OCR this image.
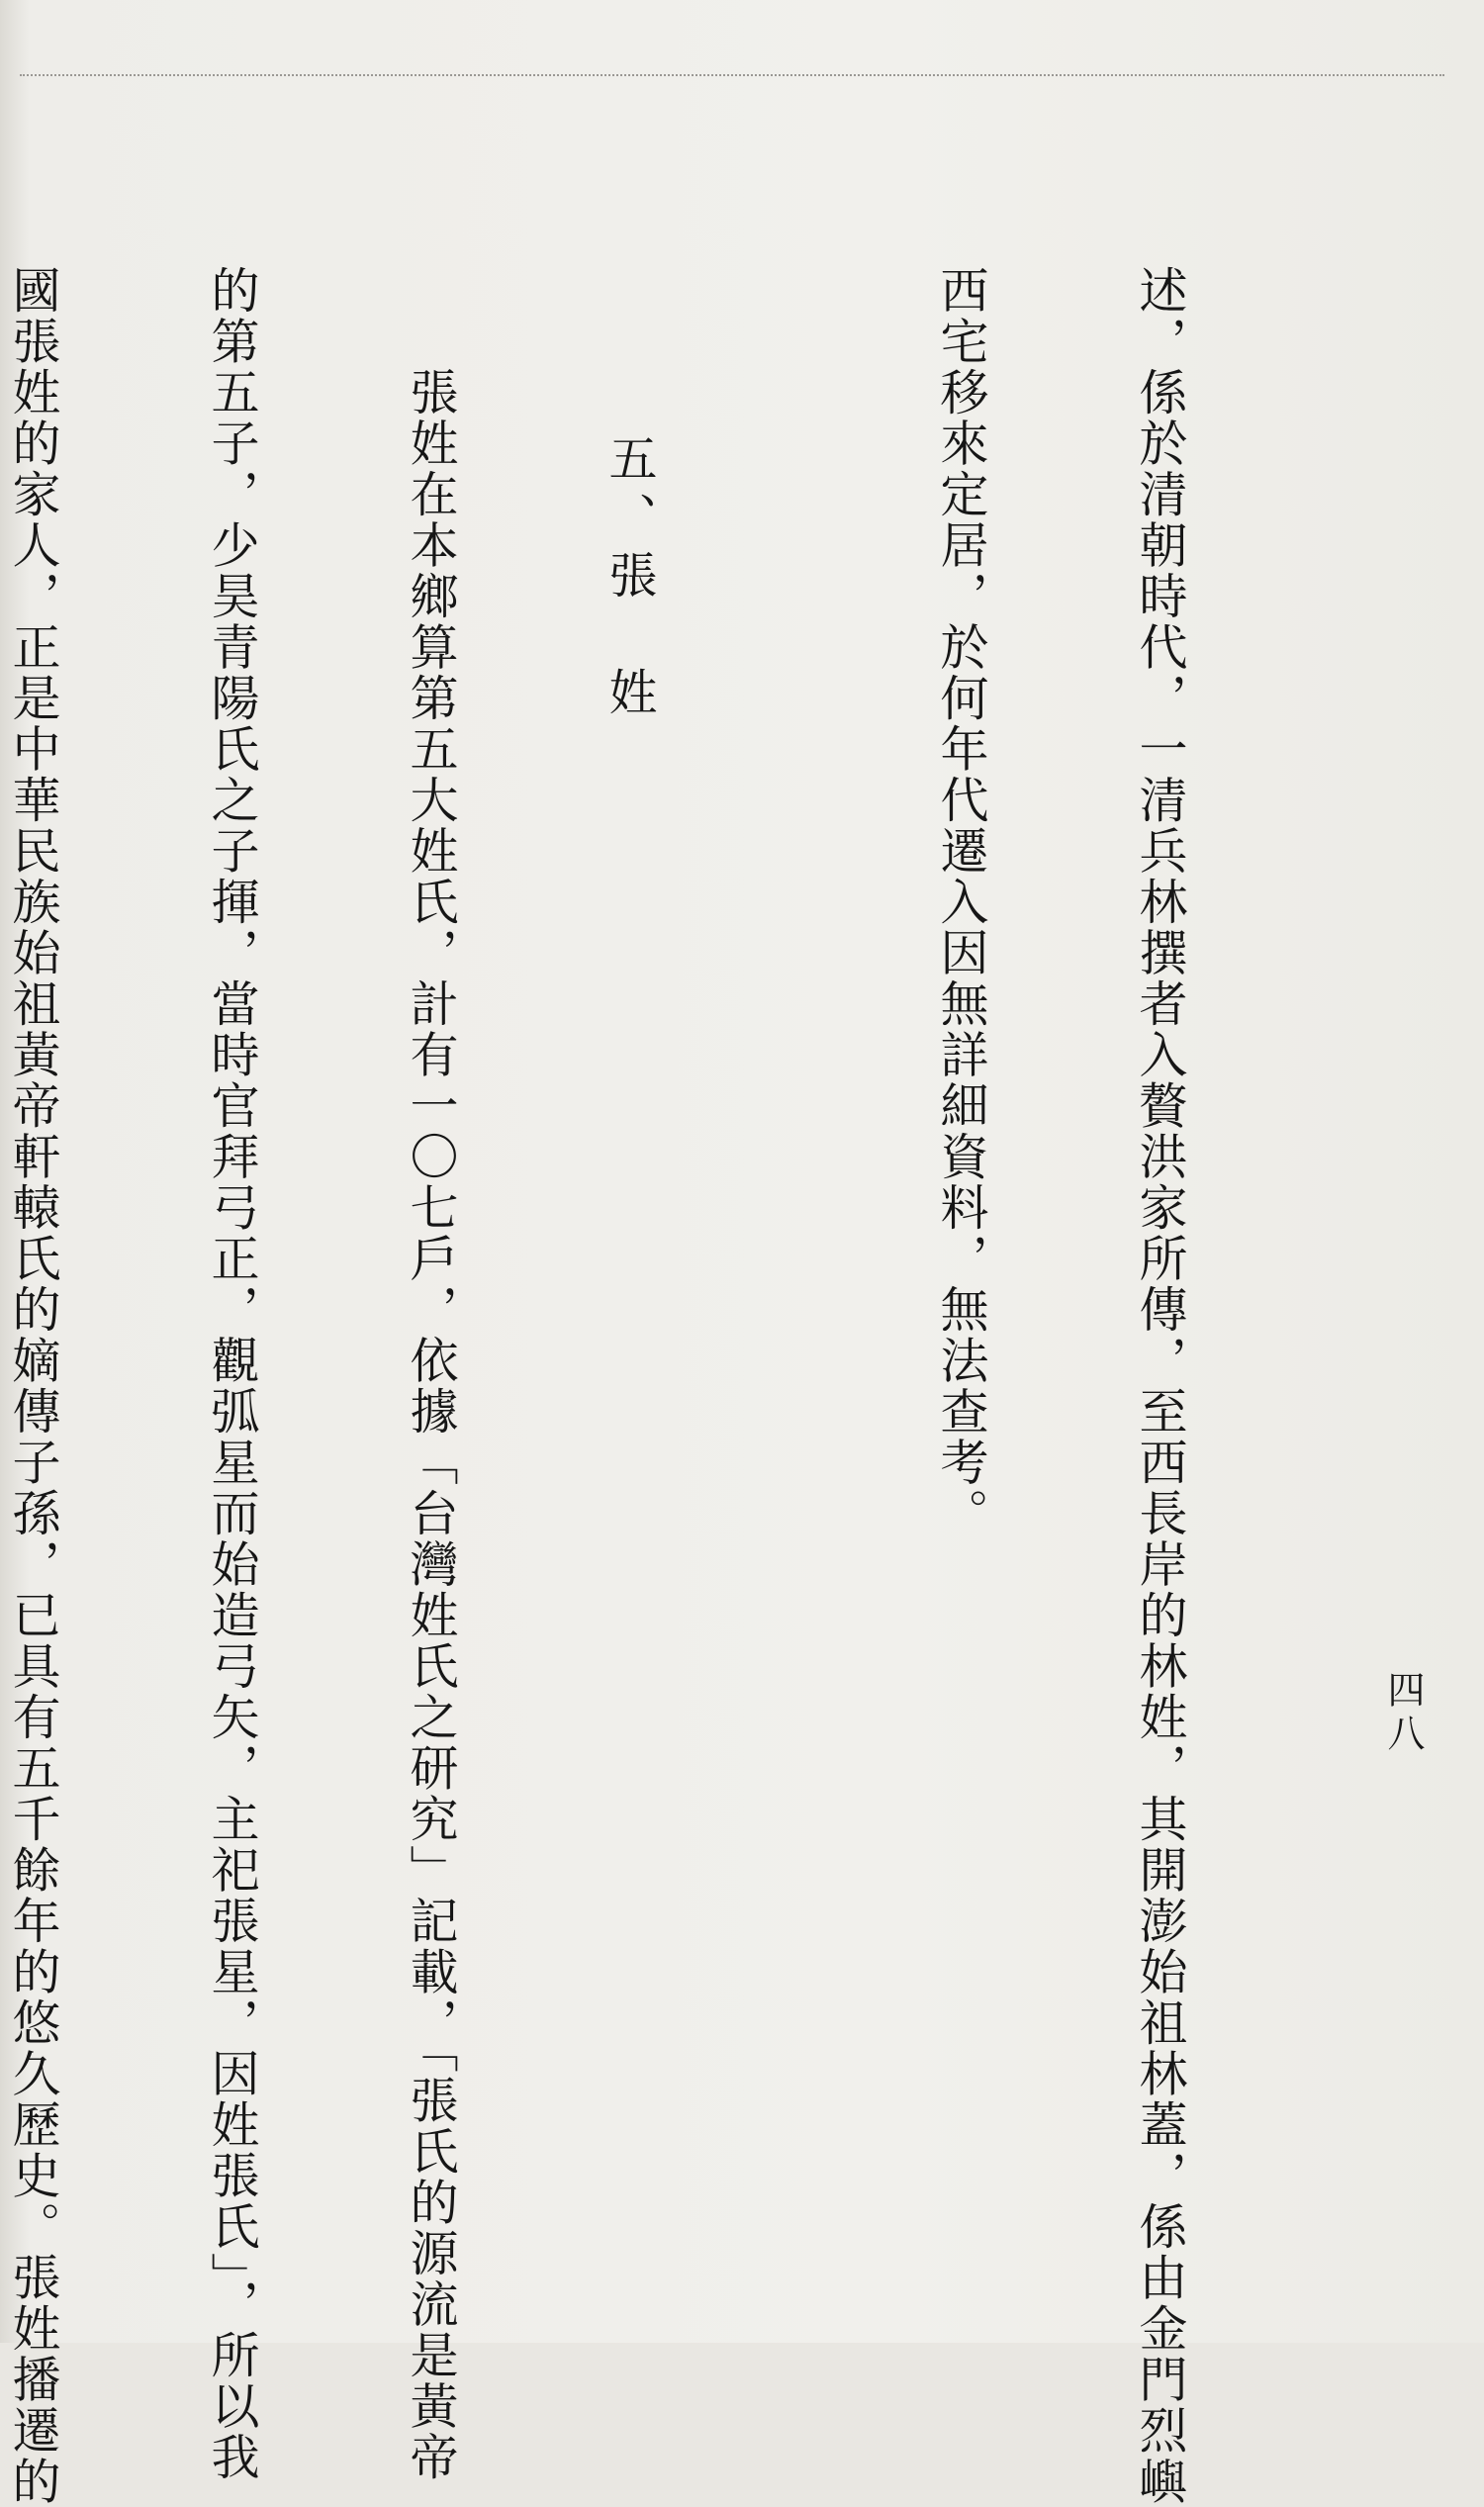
四八

述，係於清朝時代，一清兵林撰者入贅洪家所傳，至西長岸的林姓，其開澎始祖林蓋，係由金門烈嶼

西宅移來定居，於何年代遷入因無詳細資料，無法查考。

五、張　姓

　　張姓在本鄉算第五大姓氏，計有一〇七戶，依據「台灣姓氏之研究」記載，「張氏的源流是黃帝

的第五子，少昊青陽氏之子揮，當時官拜弓正，觀弧星而始造弓矢，主祀張星，因姓張氏」，所以我

國張姓的家人，正是中華民族始祖黃帝軒轅氏的嫡傳子孫，已具有五千餘年的悠久歷史。張姓播遷的
